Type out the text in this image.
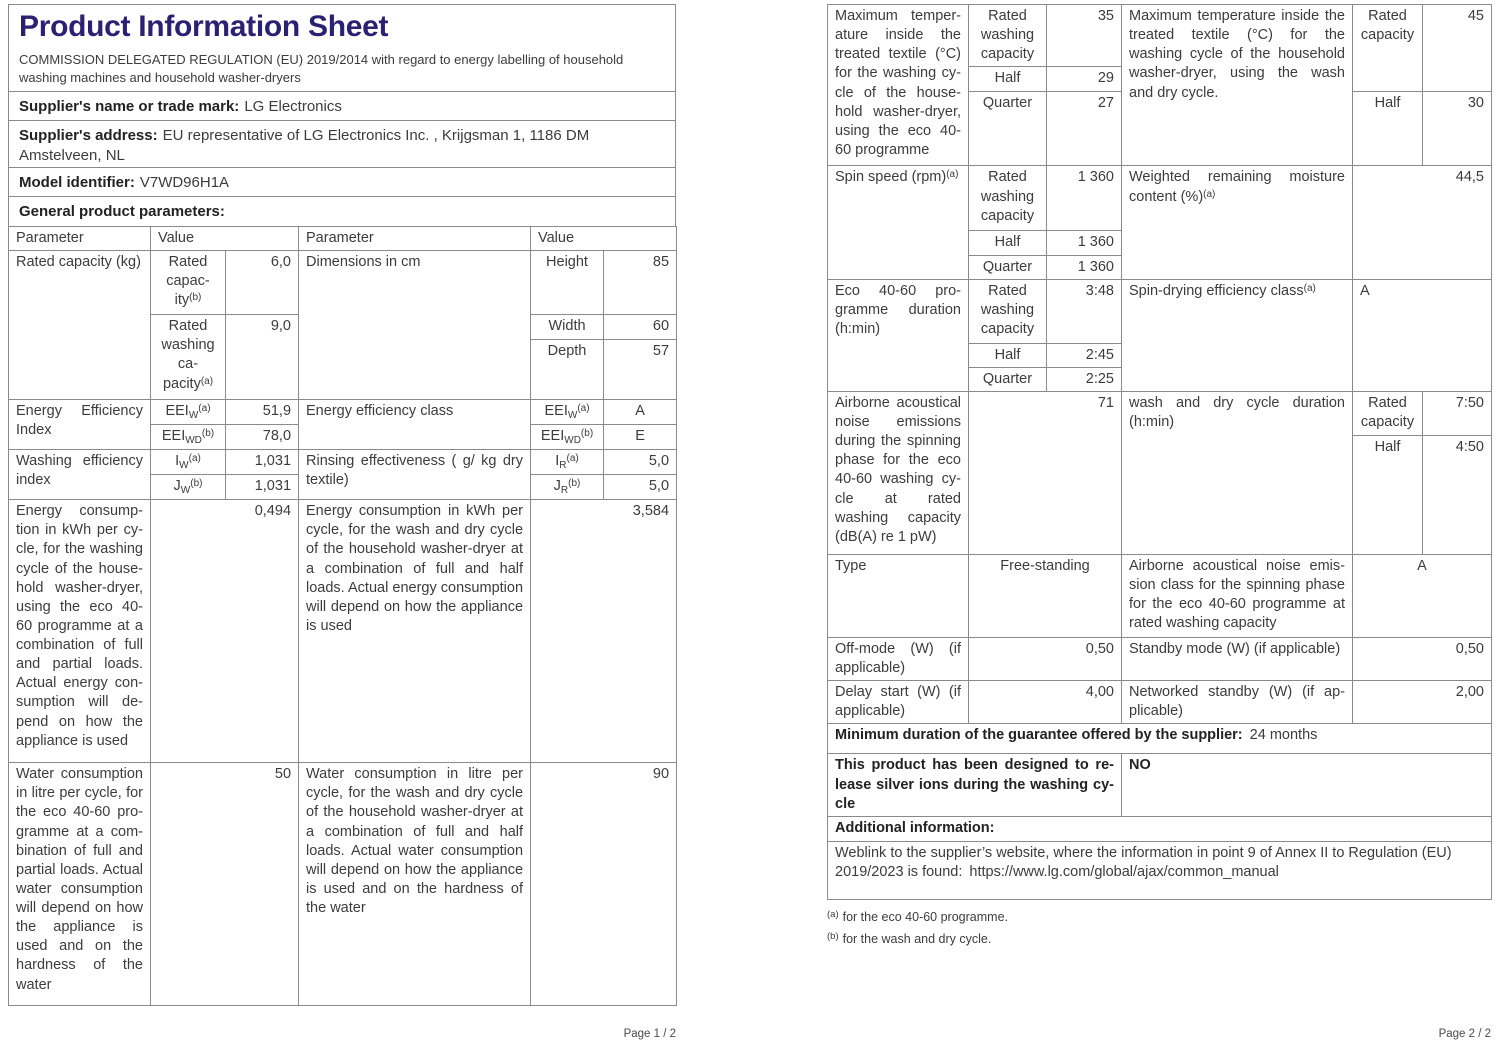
Product Information Sheet

COMMISSION DELEGATED REGULATION (EU) 2019/2014 with regard to energy labelling of household washing machines and household washer-dryers

Supplier's name or trade mark: LG Electronics
Supplier's address: EU representative of LG Electronics Inc. , Krijgsman 1, 1186 DM Amstelveen, NL
Model identifier: V7WD96H1A
General product parameters:
Parameter	Value		Parameter	Value	
Rated capacity (kg)	Rated capacity$^{(b)}$	6,0	Dimensions in cm	Height	85
	Rated washing capacity$^{(a)}$	9,0		Width	60
				Depth	57
Energy Efficiency Index	$EEI_W^{(a)}$	51,9	Energy efficiency class	$EEI_W^{(a)}$	A
	$EEI_{WD}^{(b)}$	78,0		$EEI_{WD}^{(b)}$	E
Washing efficiency index	$I_W^{(a)}$	1,031	Rinsing effectiveness ( g/ kg dry textile)	$I_R^{(a)}$	5,0
	$J_W^{(b)}$	1,031		$J_R^{(b)}$	5,0
Energy consumption in kWh per cycle, for the washing cycle of the household washer-dryer, using the eco 40-60 programme at a combination of full and partial loads. Actual energy consumption will depend on how the appliance is used	0,494	Energy consumption in kWh per cycle, for the wash and dry cycle of the household washer-dryer at a combination of full and half loads. Actual energy consumption will depend on how the appliance is used	3,584
Water consumption in litre per cycle, for the eco 40-60 programme at a combination of full and partial loads. Actual water consumption will depend on how the appliance is used and on the hardness of the water	50	Water consumption in litre per cycle, for the wash and dry cycle of the household washer-dryer at a combination of full and half loads. Actual water consumption will depend on how the appliance is used and on the hardness of the water	90
Page 1 / 2
Maximum temperature inside the treated textile (°C) for the washing cycle of the household washer-dryer, using the eco 40-60 programme	Rated washing capacity	35	Maximum temperature inside the treated textile (°C) for the washing cycle of the household washer-dryer, using the wash and dry cycle.	Rated capacity	45
	Half	29			
	Quarter	27		Half	30
Spin speed (rpm)$^{(a)}$	Rated washing capacity	1 360	Weighted remaining moisture content (%)$^{(a)}$	44,5	
	Half	1 360			
	Quarter	1 360			
Eco 40-60 programme duration (h:min)	Rated washing capacity	3:48	Spin-drying efficiency class$^{(a)}$	A	
	Half	2:45			
	Quarter	2:25			
Airborne acoustical noise emissions during the spinning phase for the eco 40-60 washing cycle at rated washing capacity (dB(A) re 1 pW)	71		wash and dry cycle duration (h:min)	Rated capacity	7:50
				Half	4:50
Type	Free-standing		Airborne acoustical noise emission class for the spinning phase for the eco 40-60 programme at rated washing capacity	A	
Off-mode (W) (if applicable)	0,50		Standby mode (W) (if applicable)	0,50	
Delay start (W) (if applicable)	4,00		Networked standby (W) (if applicable)	2,00	
Minimum duration of the guarantee offered by the supplier: 24 months					
This product has been designed to release silver ions during the washing cycle			NO		
Additional information:					
Weblink to the supplier’s website, where the information in point 9 of Annex II to Regulation (EU) 2019/2023 is found: https://www.lg.com/global/ajax/common_manual					
$^{(a)}$ for the eco 40-60 programme.
$^{(b)}$ for the wash and dry cycle.
Page 2 / 2
